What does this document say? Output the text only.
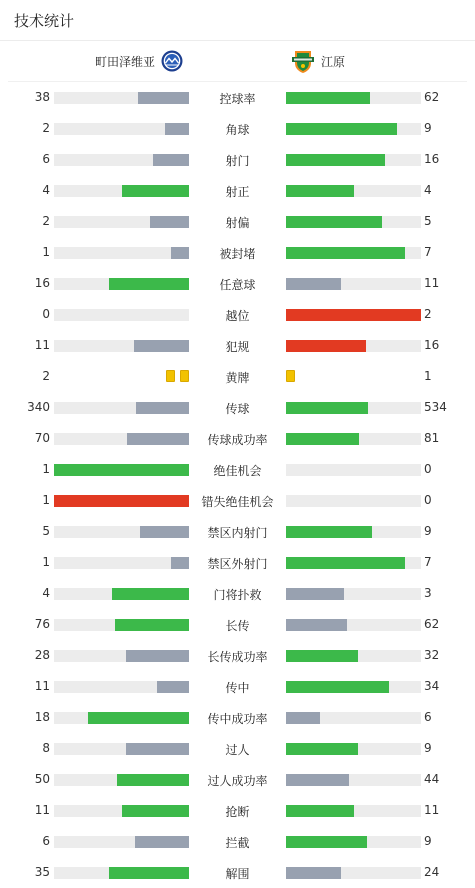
技术统计
町田泽维亚	江原
38	控球率	62
2	角球	9
6	射门	16
4	射正	4
2	射偏	5
1	被封堵	7
16	任意球	11
0	越位	2
11	犯规	16
2	黄牌	1
340	传球	534
70	传球成功率	81
1	绝佳机会	0
1	错失绝佳机会	0
5	禁区内射门	9
1	禁区外射门	7
4	门将扑救	3
76	长传	62
28	长传成功率	32
11	传中	34
18	传中成功率	6
8	过人	9
50	过人成功率	44
11	抢断	11
6	拦截	9
35	解围	24
